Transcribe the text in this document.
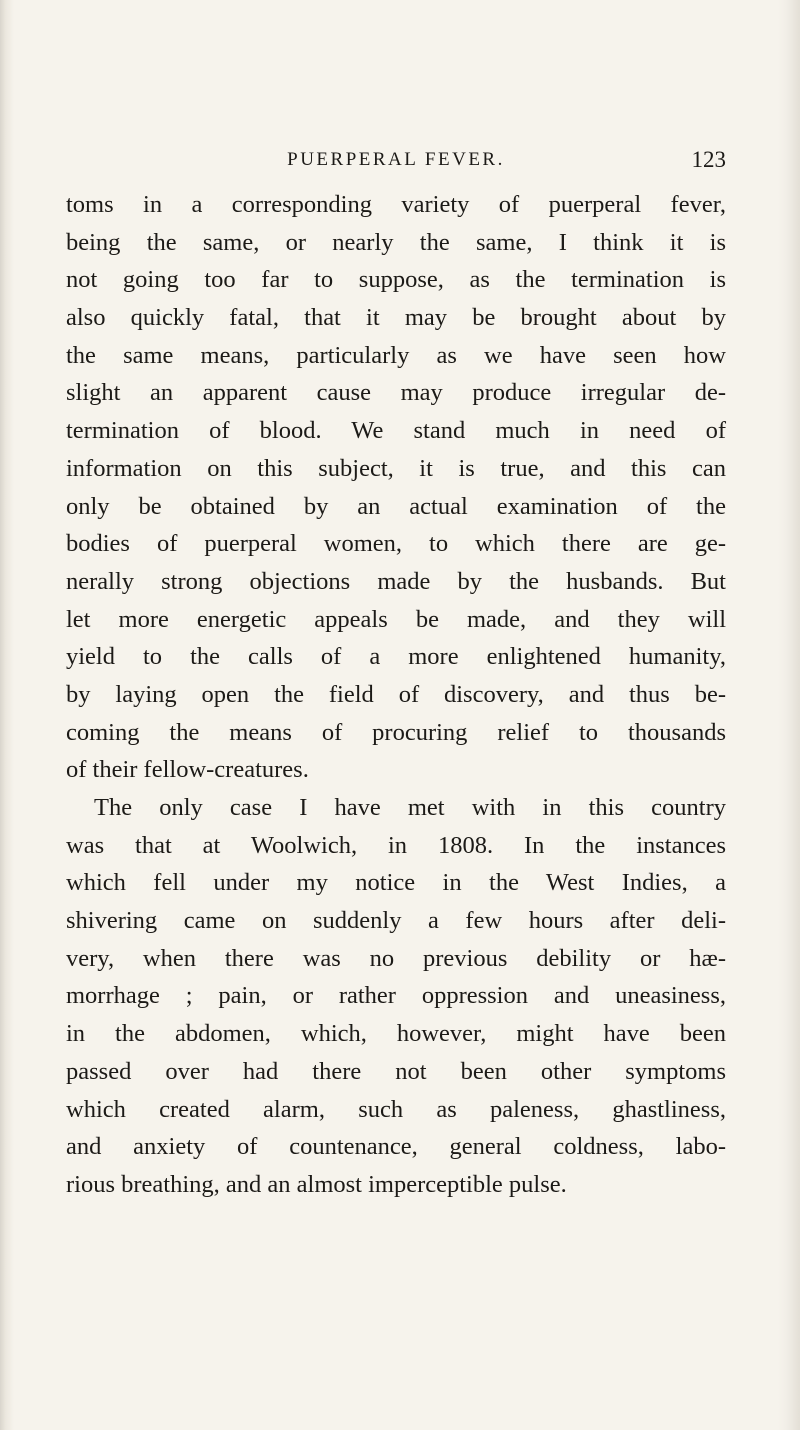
PUERPERAL FEVER.	123
toms in a corresponding variety of puerperal fever,
being the same, or nearly the same, I think it is
not going too far to suppose, as the termination is
also quickly fatal, that it may be brought about by
the same means, particularly as we have seen how
slight an apparent cause may produce irregular de-
termination of blood. We stand much in need of
information on this subject, it is true, and this can
only be obtained by an actual examination of the
bodies of puerperal women, to which there are ge-
nerally strong objections made by the husbands. But
let more energetic appeals be made, and they will
yield to the calls of a more enlightened humanity,
by laying open the field of discovery, and thus be-
coming the means of procuring relief to thousands
of their fellow-creatures.
The only case I have met with in this country
was that at Woolwich, in 1808. In the instances
which fell under my notice in the West Indies, a
shivering came on suddenly a few hours after deli-
very, when there was no previous debility or hæ-
morrhage ; pain, or rather oppression and uneasiness,
in the abdomen, which, however, might have been
passed over had there not been other symptoms
which created alarm, such as paleness, ghastliness,
and anxiety of countenance, general coldness, labo-
rious breathing, and an almost imperceptible pulse.
